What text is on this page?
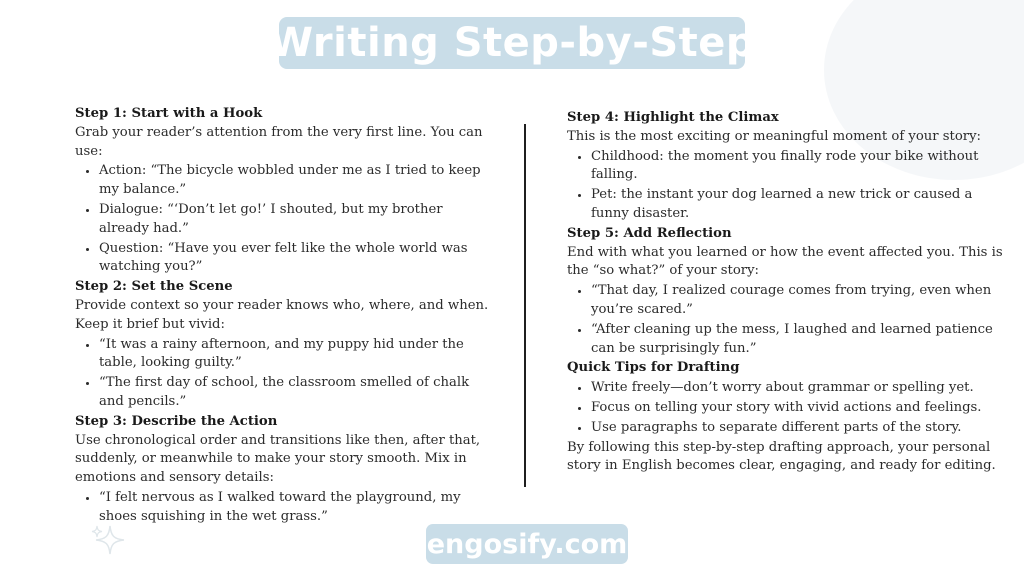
Writing Step-by-Step
Step 1: Start with a Hook

Grab your reader’s attention from the very first line. You can use:

• Action: “The bicycle wobbled under me as I tried to keep my balance.”
• Dialogue: “‘Don’t let go!’ I shouted, but my brother already had.”
• Question: “Have you ever felt like the whole world was watching you?”
Step 2: Set the Scene

Provide context so your reader knows who, where, and when. Keep it brief but vivid:

• “It was a rainy afternoon, and my puppy hid under the table, looking guilty.”
• “The first day of school, the classroom smelled of chalk and pencils.”
Step 3: Describe the Action

Use chronological order and transitions like then, after that, suddenly, or meanwhile to make your story smooth. Mix in emotions and sensory details:

• “I felt nervous as I walked toward the playground, my shoes squishing in the wet grass.”
Step 4: Highlight the Climax

This is the most exciting or meaningful moment of your story:

• Childhood: the moment you finally rode your bike without falling.
• Pet: the instant your dog learned a new trick or caused a funny disaster.
Step 5: Add Reflection

End with what you learned or how the event affected you. This is the “so what?” of your story:

• “That day, I realized courage comes from trying, even when you’re scared.”
• “After cleaning up the mess, I laughed and learned patience can be surprisingly fun.”
Quick Tips for Drafting
• Write freely—don’t worry about grammar or spelling yet.
• Focus on telling your story with vivid actions and feelings.
• Use paragraphs to separate different parts of the story.

By following this step-by-step drafting approach, your personal story in English becomes clear, engaging, and ready for editing.

engosify.com
